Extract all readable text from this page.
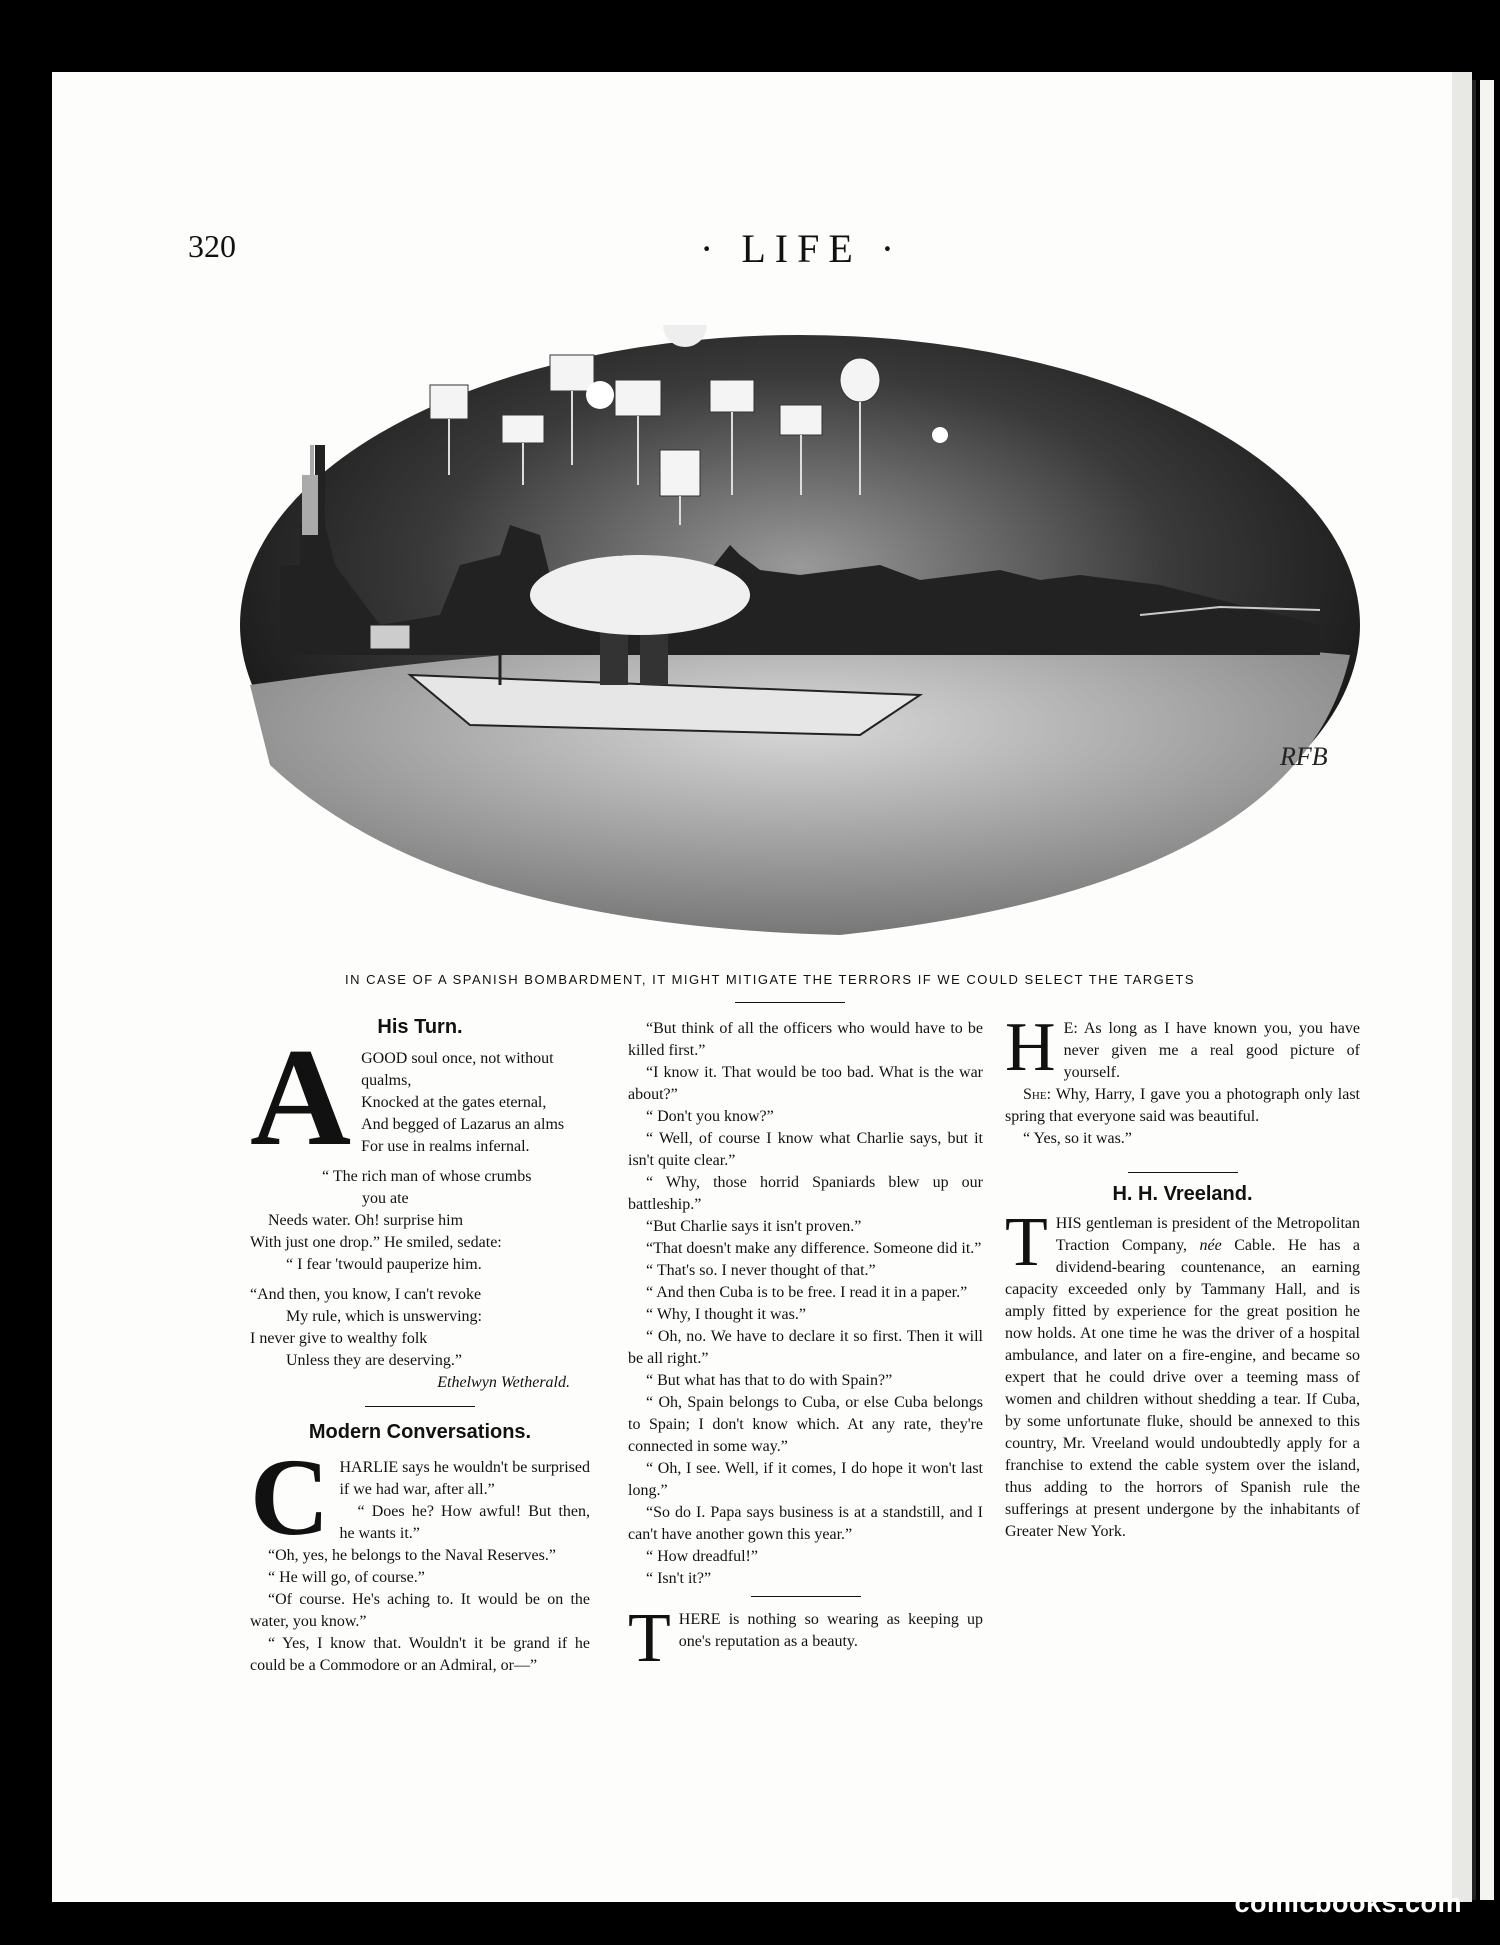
320	· LIFE ·
RFB
IN CASE OF A SPANISH BOMBARDMENT, IT MIGHT MITIGATE THE TERRORS IF WE COULD SELECT THE TARGETS
His Turn.
A GOOD soul once, not without qualms,

Knocked at the gates eternal,

And begged of Lazarus an alms

For use in realms infernal.

“ The rich man of whose crumbs

you ate

Needs water. Oh! surprise him

With just one drop.” He smiled, sedate:

“ I fear 'twould pauperize him.

“And then, you know, I can't revoke

My rule, which is unswerving:

I never give to wealthy folk

Unless they are deserving.”

Ethelwyn Wetherald.

Modern Conversations.
C HARLIE says he wouldn't be surprised if we had war, after all.”

“ Does he? How awful! But then, he wants it.”

“Oh, yes, he belongs to the Naval Reserves.”

“ He will go, of course.”

“Of course. He's aching to. It would be on the water, you know.”

“ Yes, I know that. Wouldn't it be grand if he could be a Commodore or an Admiral, or—”

“But think of all the officers who would have to be killed first.”

“I know it. That would be too bad. What is the war about?”

“ Don't you know?”

“ Well, of course I know what Charlie says, but it isn't quite clear.”

“ Why, those horrid Spaniards blew up our battleship.”

“But Charlie says it isn't proven.”

“That doesn't make any difference. Someone did it.”

“ That's so. I never thought of that.”

“ And then Cuba is to be free. I read it in a paper.”

“ Why, I thought it was.”

“ Oh, no. We have to declare it so first. Then it will be all right.”

“ But what has that to do with Spain?”

“ Oh, Spain belongs to Cuba, or else Cuba belongs to Spain; I don't know which. At any rate, they're connected in some way.”

“ Oh, I see. Well, if it comes, I do hope it won't last long.”

“So do I. Papa says business is at a standstill, and I can't have another gown this year.”

“ How dreadful!”

“ Isn't it?”

T HERE is nothing so wearing as keeping up one's reputation as a beauty.

H E: As long as I have known you, you have never given me a real good picture of yourself.

She: Why, Harry, I gave you a photograph only last spring that everyone said was beautiful.

“ Yes, so it was.”

H. H. Vreeland.
T HIS gentleman is president of the Metropolitan Traction Company, née Cable. He has a dividend-bearing countenance, an earning capacity exceeded only by Tammany Hall, and is amply fitted by experience for the great position he now holds. At one time he was the driver of a hospital ambulance, and later on a fire-engine, and became so expert that he could drive over a teeming mass of women and children without shedding a tear. If Cuba, by some unfortunate fluke, should be annexed to this country, Mr. Vreeland would undoubtedly apply for a franchise to extend the cable system over the island, thus adding to the horrors of Spanish rule the sufferings at present undergone by the inhabitants of Greater New York.

comicbooks.com
